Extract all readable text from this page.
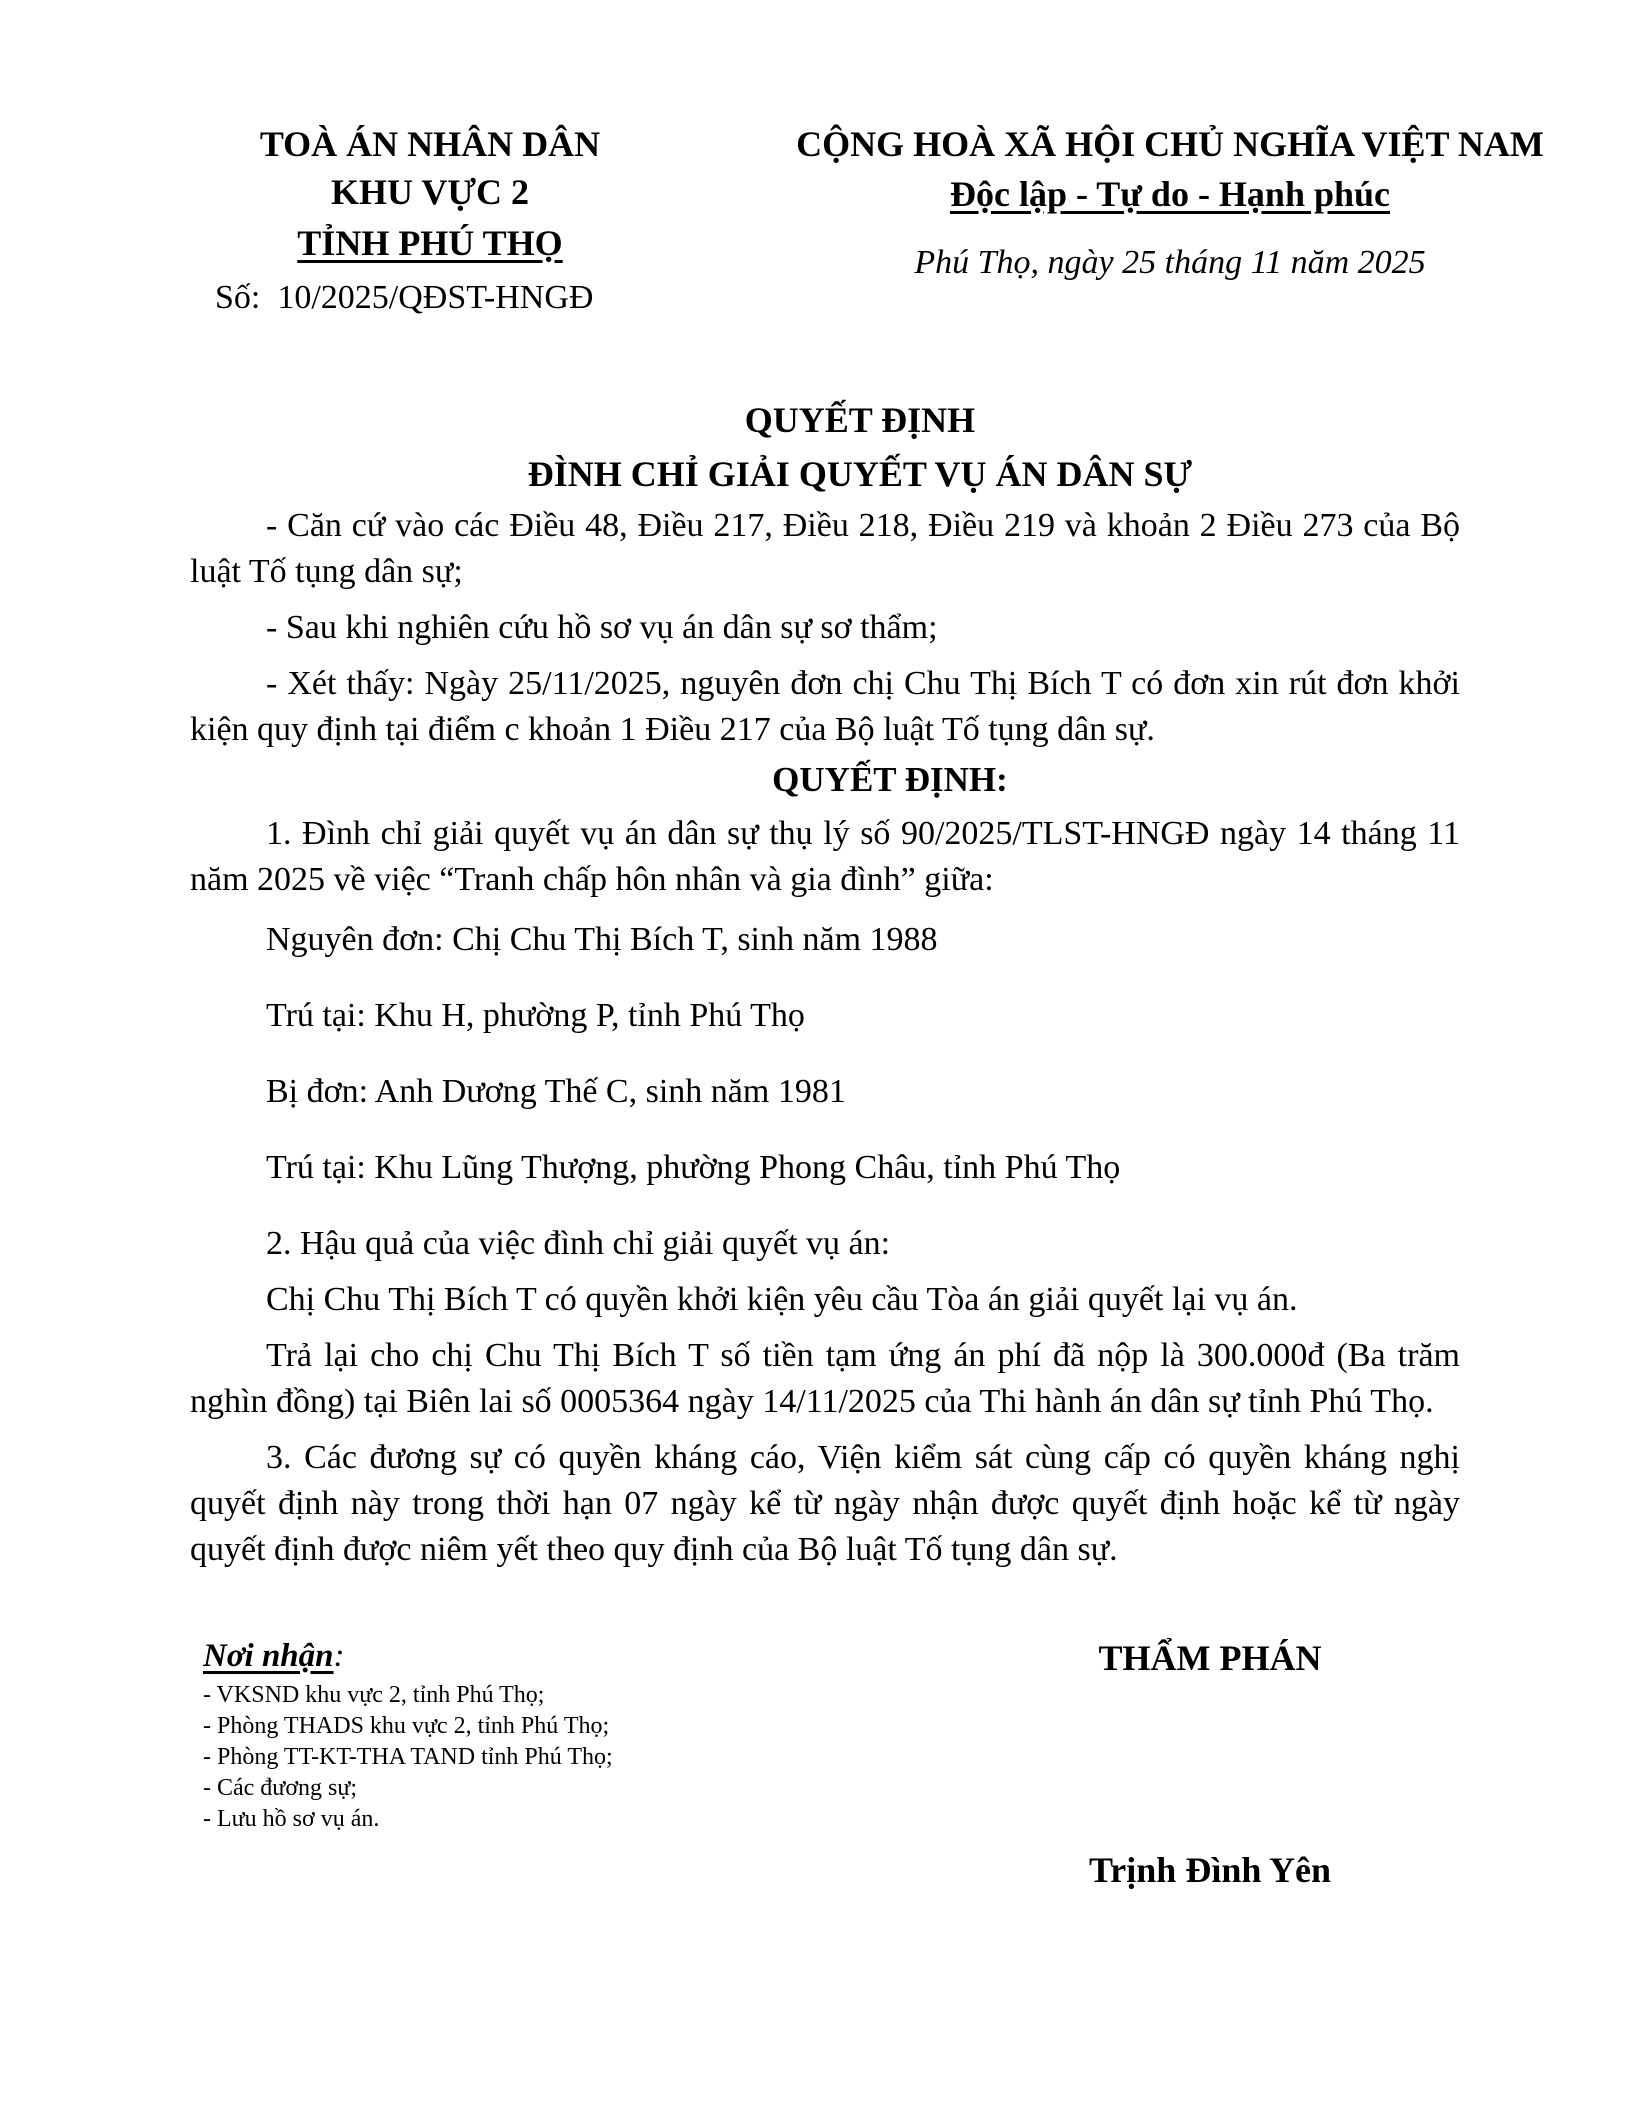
TOÀ ÁN NHÂN DÂN
KHU VỰC 2
TỈNH PHÚ THỌ
Số: 10/2025/QĐST-HNGĐ
CỘNG HOÀ XÃ HỘI CHỦ NGHĨA VIỆT NAM
Độc lập - Tự do - Hạnh phúc
Phú Thọ, ngày 25 tháng 11 năm 2025
QUYẾT ĐỊNH
ĐÌNH CHỈ GIẢI QUYẾT VỤ ÁN DÂN SỰ
- Căn cứ vào các Điều 48, Điều 217, Điều 218, Điều 219 và khoản 2 Điều 273 của Bộ luật Tố tụng dân sự;
- Sau khi nghiên cứu hồ sơ vụ án dân sự sơ thẩm;
- Xét thấy: Ngày 25/11/2025, nguyên đơn chị Chu Thị Bích T có đơn xin rút đơn khởi kiện quy định tại điểm c khoản 1 Điều 217 của Bộ luật Tố tụng dân sự.
QUYẾT ĐỊNH:
1. Đình chỉ giải quyết vụ án dân sự thụ lý số 90/2025/TLST-HNGĐ ngày 14 tháng 11 năm 2025 về việc “Tranh chấp hôn nhân và gia đình” giữa:
Nguyên đơn: Chị Chu Thị Bích T, sinh năm 1988
Trú tại: Khu H, phường P, tỉnh Phú Thọ
Bị đơn: Anh Dương Thế C, sinh năm 1981
Trú tại: Khu Lũng Thượng, phường Phong Châu, tỉnh Phú Thọ
2. Hậu quả của việc đình chỉ giải quyết vụ án:
Chị Chu Thị Bích T có quyền khởi kiện yêu cầu Tòa án giải quyết lại vụ án.
Trả lại cho chị Chu Thị Bích T số tiền tạm ứng án phí đã nộp là 300.000đ (Ba trăm nghìn đồng) tại Biên lai số 0005364 ngày 14/11/2025 của Thi hành án dân sự tỉnh Phú Thọ.
3. Các đương sự có quyền kháng cáo, Viện kiểm sát cùng cấp có quyền kháng nghị quyết định này trong thời hạn 07 ngày kể từ ngày nhận được quyết định hoặc kể từ ngày quyết định được niêm yết theo quy định của Bộ luật Tố tụng dân sự.
Nơi nhận:
- VKSND khu vực 2, tỉnh Phú Thọ;
- Phòng THADS khu vực 2, tỉnh Phú Thọ;
- Phòng TT-KT-THA TAND tỉnh Phú Thọ;
- Các đương sự;
- Lưu hồ sơ vụ án.
THẨM PHÁN
Trịnh Đình Yên
